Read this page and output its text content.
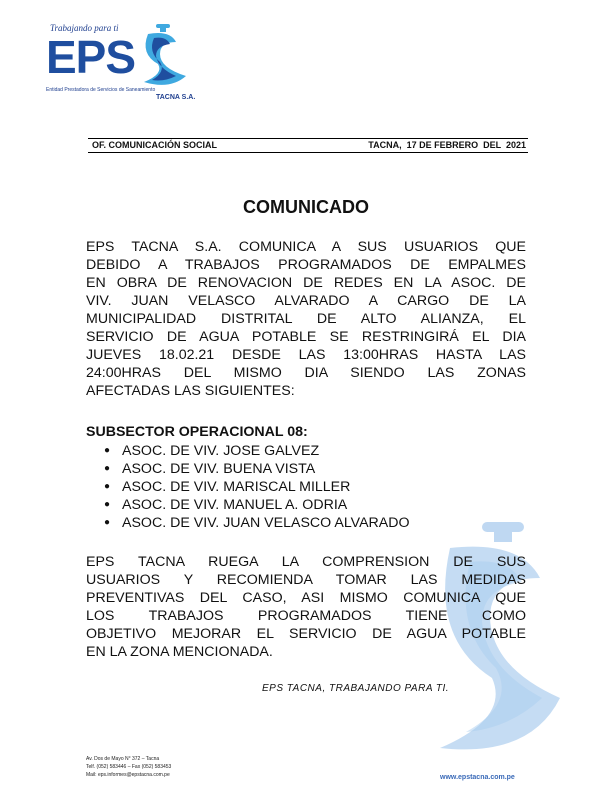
Trabajando para ti
EPS
Entidad Prestadora de Servicios de Saneamiento
TACNA S.A.
OF. COMUNICACIÓN SOCIAL	TACNA,  17 DE FEBRERO  DEL  2021
COMUNICADO
EPS TACNA S.A. COMUNICA A SUS USUARIOS QUE
DEBIDO A TRABAJOS PROGRAMADOS DE EMPALMES
EN OBRA DE RENOVACION DE REDES EN LA ASOC. DE
VIV. JUAN VELASCO ALVARADO A CARGO DE LA
MUNICIPALIDAD DISTRITAL DE ALTO ALIANZA, EL
SERVICIO DE AGUA POTABLE SE RESTRINGIRÁ EL DIA
JUEVES 18.02.21 DESDE LAS 13:00HRAS HASTA LAS
24:00HRAS DEL MISMO DIA SIENDO LAS ZONAS
AFECTADAS LAS SIGUIENTES:
SUBSECTOR OPERACIONAL 08:
● ASOC. DE VIV. JOSE GALVEZ
● ASOC. DE VIV. BUENA VISTA
● ASOC. DE VIV. MARISCAL MILLER
● ASOC. DE VIV. MANUEL A. ODRIA
● ASOC. DE VIV. JUAN VELASCO ALVARADO
EPS TACNA RUEGA LA COMPRENSION DE SUS
USUARIOS Y RECOMIENDA TOMAR LAS MEDIDAS
PREVENTIVAS DEL CASO, ASI MISMO COMUNICA QUE
LOS TRABAJOS PROGRAMADOS TIENE COMO
OBJETIVO MEJORAR EL SERVICIO DE AGUA POTABLE
EN LA ZONA MENCIONADA.
EPS TACNA, TRABAJANDO PARA TI.
Av. Dos de Mayo N° 372 – Tacna
Telf. (052) 583446 – Fax (052) 583453
Mail: eps.informes@epstacna.com.pe	www.epstacna.com.pe
